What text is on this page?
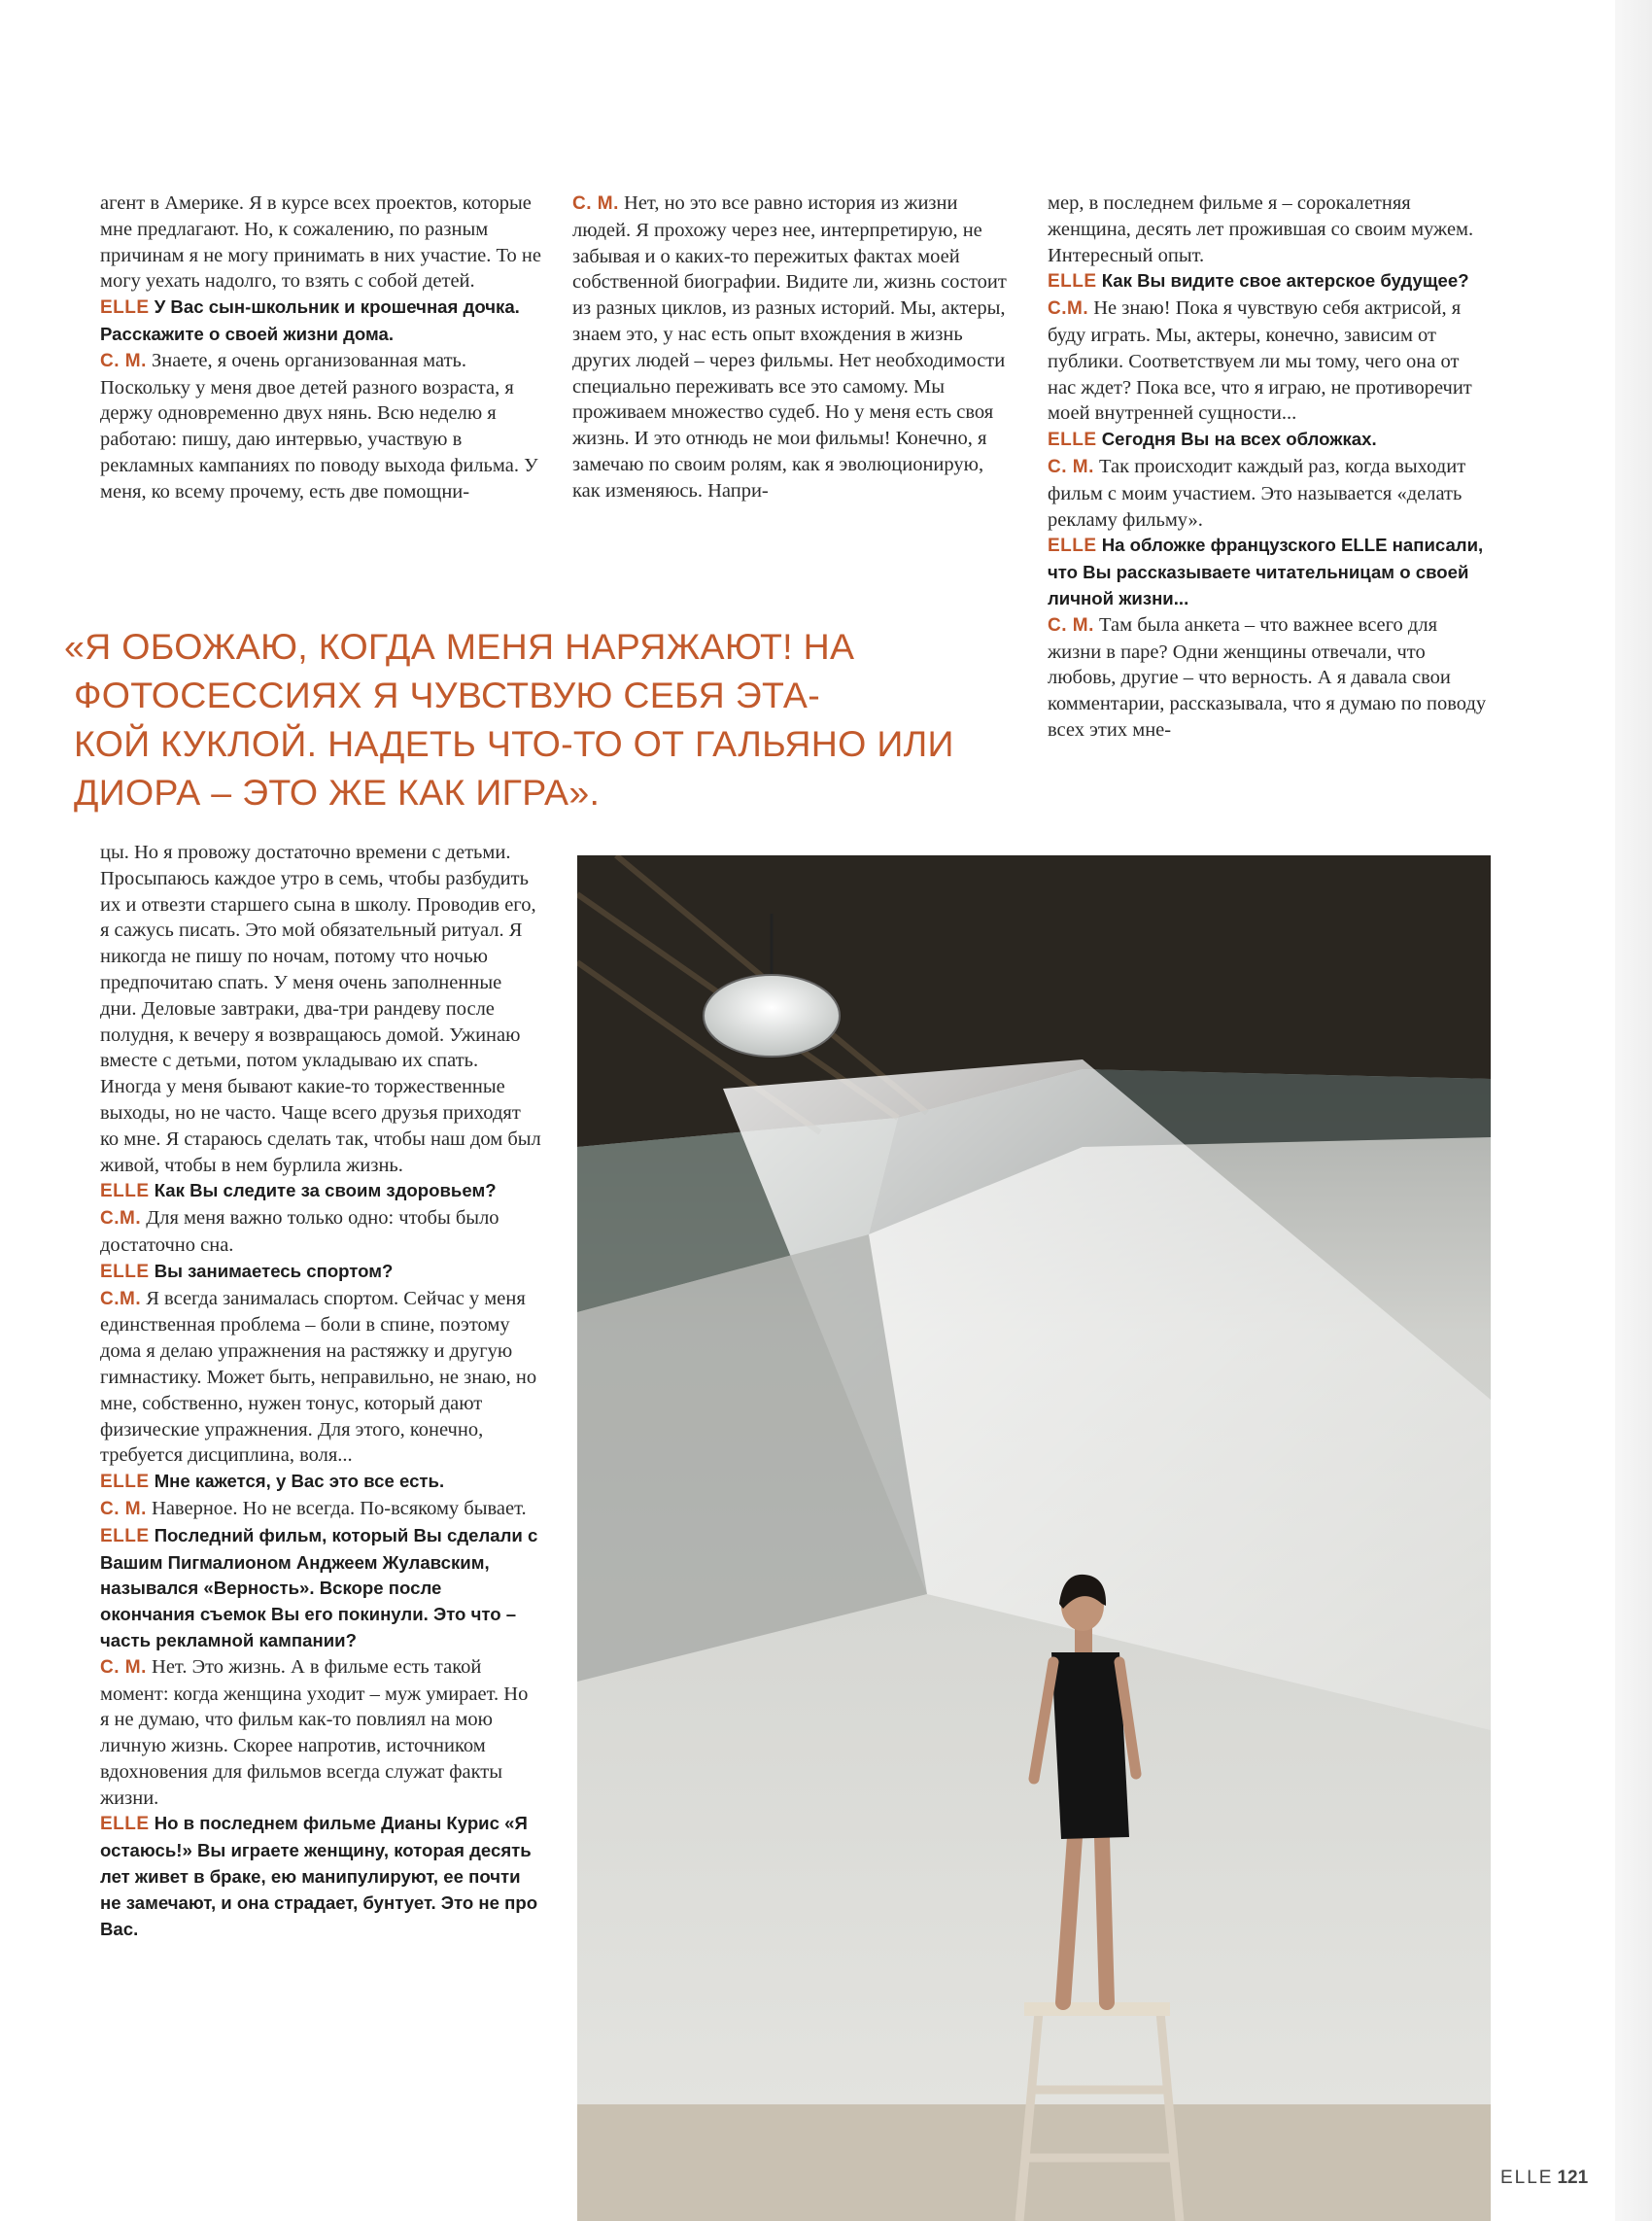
агент в Америке. Я в курсе всех проектов, которые мне предлагают. Но, к сожалению, по разным причинам я не могу принимать в них участие. То не могу уехать надолго, то взять с собой детей.

ELLE У Вас сын-школьник и крошечная дочка. Расскажите о своей жизни дома.

С. М. Знаете, я очень организованная мать. Поскольку у меня двое детей разного возраста, я держу одновременно двух нянь. Всю неделю я работаю: пишу, даю интервью, участвую в рекламных кампаниях по поводу выхода фильма. У меня, ко всему прочему, есть две помощни-

С. М. Нет, но это все равно история из жизни людей. Я прохожу через нее, интерпретирую, не забывая и о каких-то пережитых фактах моей собственной биографии. Видите ли, жизнь состоит из разных циклов, из разных историй. Мы, актеры, знаем это, у нас есть опыт вхождения в жизнь других людей – через фильмы. Нет необходимости специально переживать все это самому. Мы проживаем множество судеб. Но у меня есть своя жизнь. И это отнюдь не мои фильмы! Конечно, я замечаю по своим ролям, как я эволюционирую, как изменяюсь. Напри-

мер, в последнем фильме я – сорокалетняя женщина, десять лет прожившая со своим мужем. Интересный опыт.

ELLE Как Вы видите свое актерское будущее?

С.М. Не знаю! Пока я чувствую себя актрисой, я буду играть. Мы, актеры, конечно, зависим от публики. Соответствуем ли мы тому, чего она от нас ждет? Пока все, что я играю, не противоречит моей внутренней сущности...

ELLE Сегодня Вы на всех обложках.

С. М. Так происходит каждый раз, когда выходит фильм с моим участием. Это называется «делать рекламу фильму».

ELLE На обложке французского ELLE написали, что Вы рассказываете читательницам о своей личной жизни...

С. М. Там была анкета – что важнее всего для жизни в паре? Одни женщины отвечали, что любовь, другие – что верность. А я давала свои комментарии, рассказывала, что я думаю по поводу всех этих мне-

«Я ОБОЖАЮ, КОГДА МЕНЯ НАРЯЖАЮТ! НА
ФОТОСЕССИЯХ Я ЧУВСТВУЮ СЕБЯ ЭТА-
КОЙ КУКЛОЙ. НАДЕТЬ ЧТО-ТО ОТ ГАЛЬЯНО ИЛИ ДИОРА – ЭТО ЖЕ КАК ИГРА».

цы. Но я провожу достаточно времени с детьми. Просыпаюсь каждое утро в семь, чтобы разбудить их и отвезти старшего сына в школу. Проводив его, я сажусь писать. Это мой обязательный ритуал. Я никогда не пишу по ночам, потому что ночью предпочитаю спать. У меня очень заполненные дни. Деловые завтраки, два-три рандеву после полудня, к вечеру я возвращаюсь домой. Ужинаю вместе с детьми, потом укладываю их спать. Иногда у меня бывают какие-то торжественные выходы, но не часто. Чаще всего друзья приходят ко мне. Я стараюсь сделать так, чтобы наш дом был живой, чтобы в нем бурлила жизнь.

ELLE Как Вы следите за своим здоровьем?

С.М. Для меня важно только одно: чтобы было достаточно сна.

ELLE Вы занимаетесь спортом?

С.М. Я всегда занималась спортом. Сейчас у меня единственная проблема – боли в спине, поэтому дома я делаю упражнения на растяжку и другую гимнастику. Может быть, неправильно, не знаю, но мне, собственно, нужен тонус, который дают физические упражнения. Для этого, конечно, требуется дисциплина, воля...

ELLE Мне кажется, у Вас это все есть.

С. М. Наверное. Но не всегда. По-всякому бывает.

ELLE Последний фильм, который Вы сделали с Вашим Пигмалионом Анджеем Жулавским, назывался «Верность». Вскоре после окончания съемок Вы его покинули. Это что – часть рекламной кампании?

С. М. Нет. Это жизнь. А в фильме есть такой момент: когда женщина уходит – муж умирает. Но я не думаю, что фильм как-то повлиял на мою личную жизнь. Скорее напротив, источником вдохновения для фильмов всегда служат факты жизни.

ELLE Но в последнем фильме Дианы Курис «Я остаюсь!» Вы играете женщину, которая десять лет живет в браке, ею манипулируют, ее почти не замечают, и она страдает, бунтует. Это не про Вас.

ELLE 121
